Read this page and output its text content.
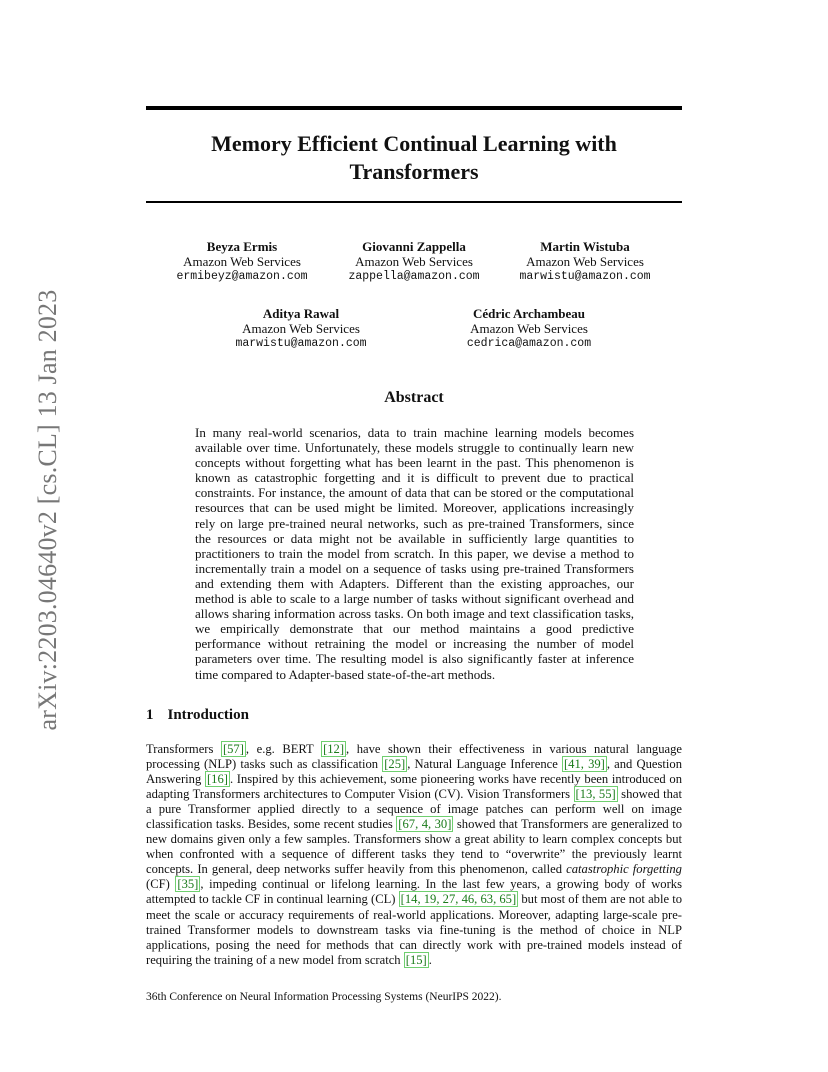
Memory Efficient Continual Learning with Transformers
arXiv:2203.04640v2 [cs.CL] 13 Jan 2023
Beyza Ermis
Amazon Web Services
ermibeyz@amazon.com
Giovanni Zappella
Amazon Web Services
zappella@amazon.com
Martin Wistuba
Amazon Web Services
marwistu@amazon.com
Aditya Rawal
Amazon Web Services
marwistu@amazon.com
Cédric Archambeau
Amazon Web Services
cedrica@amazon.com
Abstract

In many real-world scenarios, data to train machine learning models becomes available over time. Unfortunately, these models struggle to continually learn new concepts without forgetting what has been learnt in the past. This phenomenon is known as catastrophic forgetting and it is difficult to prevent due to practical constraints. For instance, the amount of data that can be stored or the computational resources that can be used might be limited. Moreover, applications increasingly rely on large pre-trained neural networks, such as pre-trained Transformers, since the resources or data might not be available in sufficiently large quantities to practitioners to train the model from scratch. In this paper, we devise a method to incrementally train a model on a sequence of tasks using pre-trained Transformers and extending them with Adapters. Different than the existing approaches, our method is able to scale to a large number of tasks without significant overhead and allows sharing information across tasks. On both image and text classification tasks, we empirically demonstrate that our method maintains a good predictive performance without retraining the model or increasing the number of model parameters over time. The resulting model is also significantly faster at inference time compared to Adapter-based state-of-the-art methods.

1 Introduction

Transformers [57] , e.g. BERT [12] , have shown their effectiveness in various natural language processing (NLP) tasks such as classification [25] , Natural Language Inference [41, 39] , and Question Answering [16] . Inspired by this achievement, some pioneering works have recently been introduced on adapting Transformers architectures to Computer Vision (CV). Vision Transformers [13, 55] showed that a pure Transformer applied directly to a sequence of image patches can perform well on image classification tasks. Besides, some recent studies [67, 4, 30] showed that Transformers are generalized to new domains given only a few samples. Transformers show a great ability to learn complex concepts but when confronted with a sequence of different tasks they tend to “overwrite” the previously learnt concepts. In general, deep networks suffer heavily from this phenomenon, called catastrophic forgetting (CF) [35] , impeding continual or lifelong learning. In the last few years, a growing body of works attempted to tackle CF in continual learning (CL) [14, 19, 27, 46, 63, 65] but most of them are not able to meet the scale or accuracy requirements of real-world applications. Moreover, adapting large-scale pre-trained Transformer models to downstream tasks via fine-tuning is the method of choice in NLP applications, posing the need for methods that can directly work with pre-trained models instead of requiring the training of a new model from scratch [15] .

36th Conference on Neural Information Processing Systems (NeurIPS 2022).
